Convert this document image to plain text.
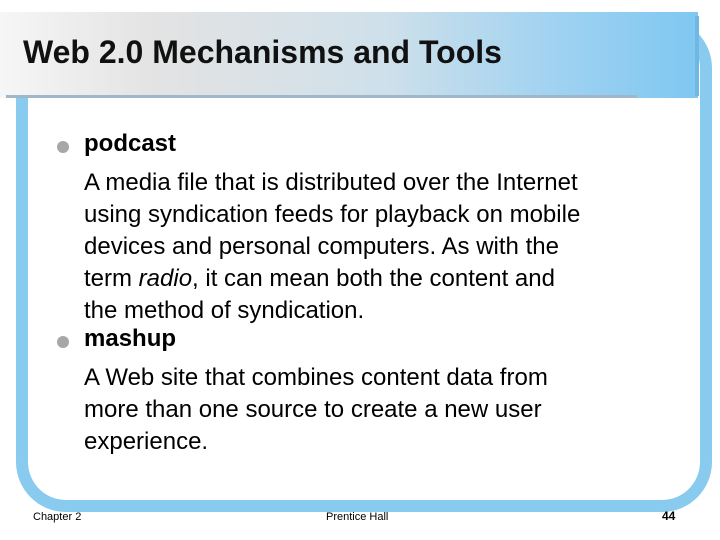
Web 2.0 Mechanisms and Tools
podcast

A media file that is distributed over the Internet

using syndication feeds for playback on mobile

devices and personal computers. As with the

term radio, it can mean both the content and

the method of syndication.

mashup

A Web site that combines content data from

more than one source to create a new user

experience.

Chapter 2	Prentice Hall	44
